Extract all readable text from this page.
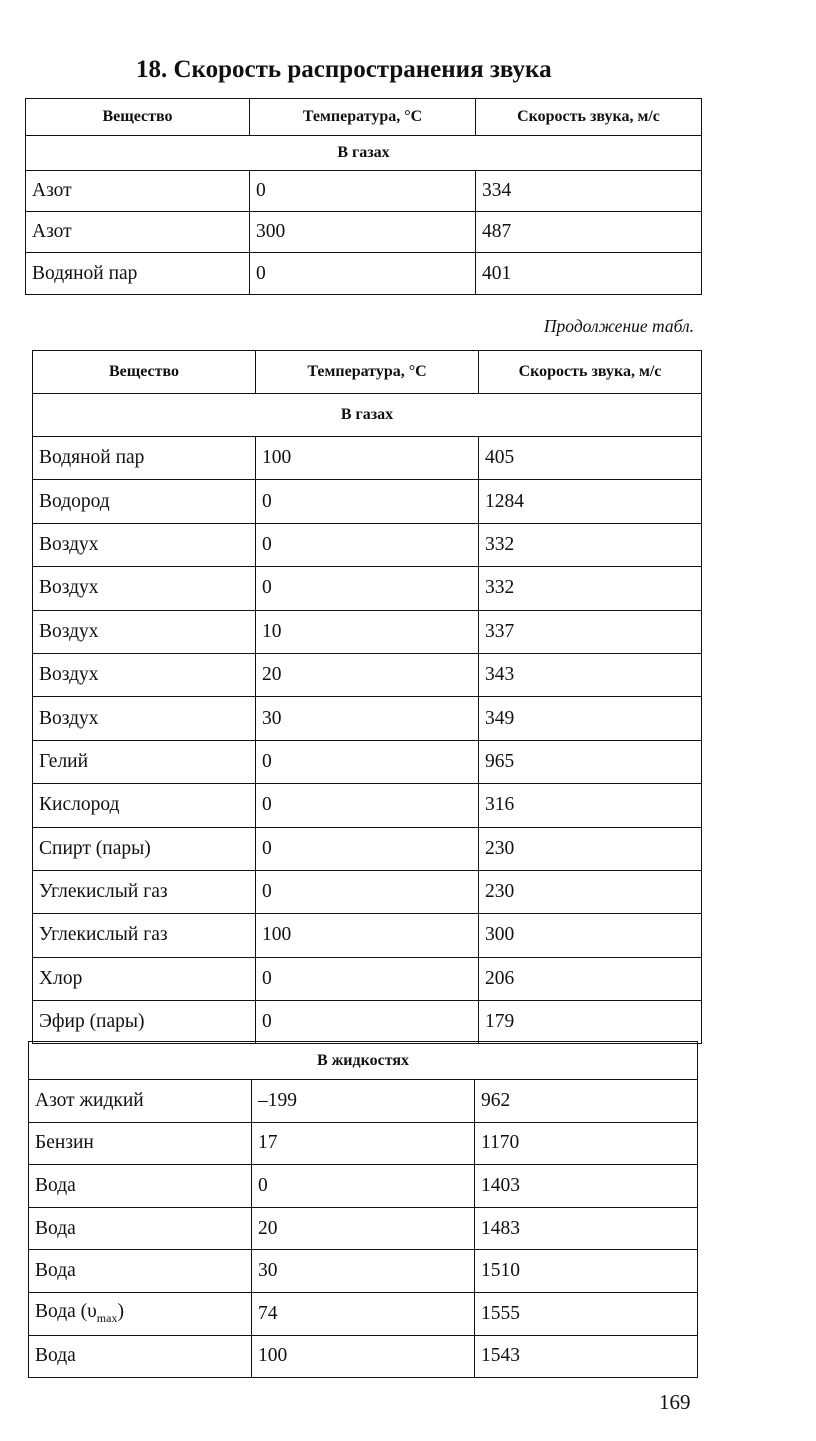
18. Скорость распространения звука
Вещество	Температура, °С	Скорость звука, м/с
В газах		
Азот	0	334
Азот	300	487
Водяной пар	0	401
Продолжение табл.
Вещество	Температура, °С	Скорость звука, м/с
В газах		
Водяной пар	100	405
Водород	0	1284
Воздух	0	332
Воздух	0	332
Воздух	10	337
Воздух	20	343
Воздух	30	349
Гелий	0	965
Кислород	0	316
Спирт (пары)	0	230
Углекислый газ	0	230
Углекислый газ	100	300
Хлор	0	206
Эфир (пары)	0	179
В жидкостях		
Азот жидкий	–199	962
Бензин	17	1170
Вода	0	1403
Вода	20	1483
Вода	30	1510
Вода $(\upsilon_{max})$	74	1555
Вода	100	1543
169
